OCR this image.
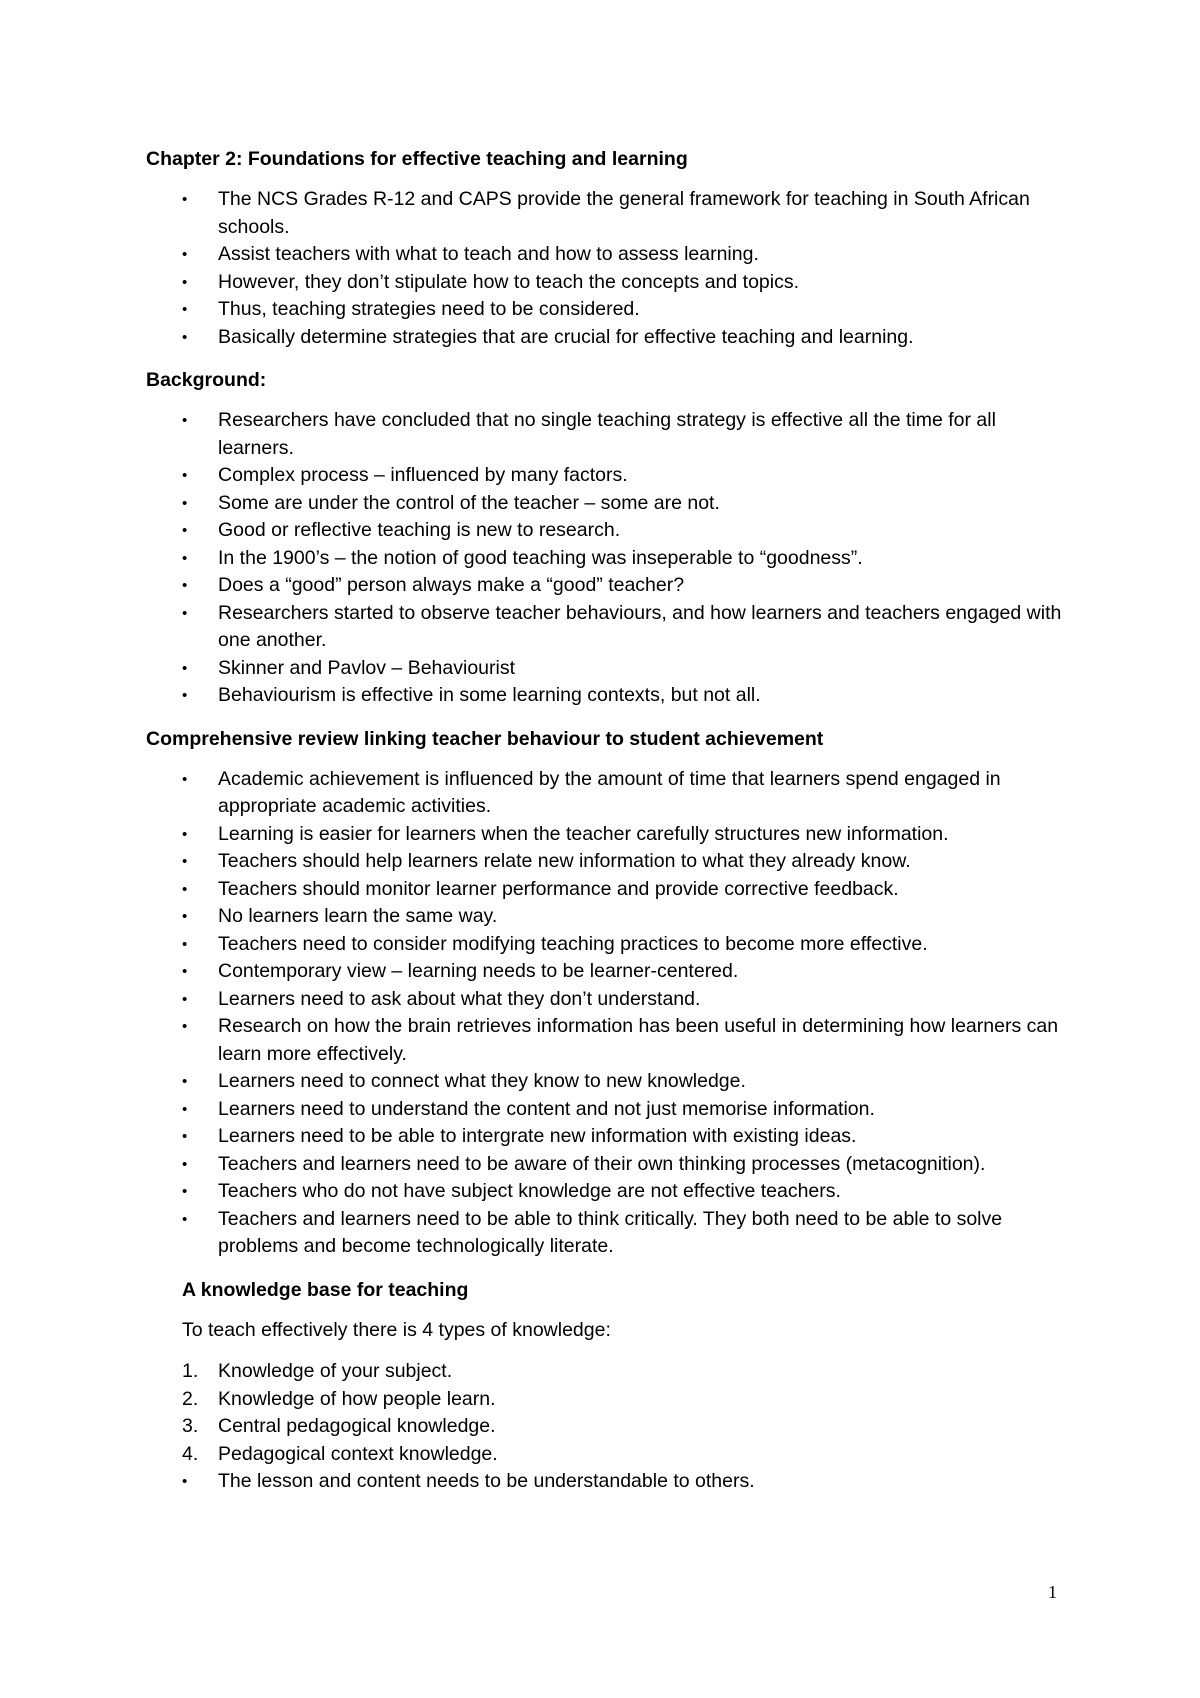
Chapter 2: Foundations for effective teaching and learning
•	The NCS Grades R-12 and CAPS provide the general framework for teaching in South African schools.
•	Assist teachers with what to teach and how to assess learning.
•	However, they don’t stipulate how to teach the concepts and topics.
•	Thus, teaching strategies need to be considered.
•	Basically determine strategies that are crucial for effective teaching and learning.
Background:
•	Researchers have concluded that no single teaching strategy is effective all the time for all learners.
•	Complex process – influenced by many factors.
•	Some are under the control of the teacher – some are not.
•	Good or reflective teaching is new to research.
•	In the 1900’s – the notion of good teaching was inseperable to “goodness”.
•	Does a “good” person always make a “good” teacher?
•	Researchers started to observe teacher behaviours, and how learners and teachers engaged with one another.
•	Skinner and Pavlov – Behaviourist
•	Behaviourism is effective in some learning contexts, but not all.
Comprehensive review linking teacher behaviour to student achievement
•	Academic achievement is influenced by the amount of time that learners spend engaged in appropriate academic activities.
•	Learning is easier for learners when the teacher carefully structures new information.
•	Teachers should help learners relate new information to what they already know.
•	Teachers should monitor learner performance and provide corrective feedback.
•	No learners learn the same way.
•	Teachers need to consider modifying teaching practices to become more effective.
•	Contemporary view – learning needs to be learner-centered.
•	Learners need to ask about what they don’t understand.
•	Research on how the brain retrieves information has been useful in determining how learners can learn more effectively.
•	Learners need to connect what they know to new knowledge.
•	Learners need to understand the content and not just memorise information.
•	Learners need to be able to intergrate new information with existing ideas.
•	Teachers and learners need to be aware of their own thinking processes (metacognition).
•	Teachers who do not have subject knowledge are not effective teachers.
•	Teachers and learners need to be able to think critically. They both need to be able to solve problems and become technologically literate.
A knowledge base for teaching

To teach effectively there is 4 types of knowledge:

1.	Knowledge of your subject.
2.	Knowledge of how people learn.
3.	Central pedagogical knowledge.
4.	Pedagogical context knowledge.
•	The lesson and content needs to be understandable to others.
1
